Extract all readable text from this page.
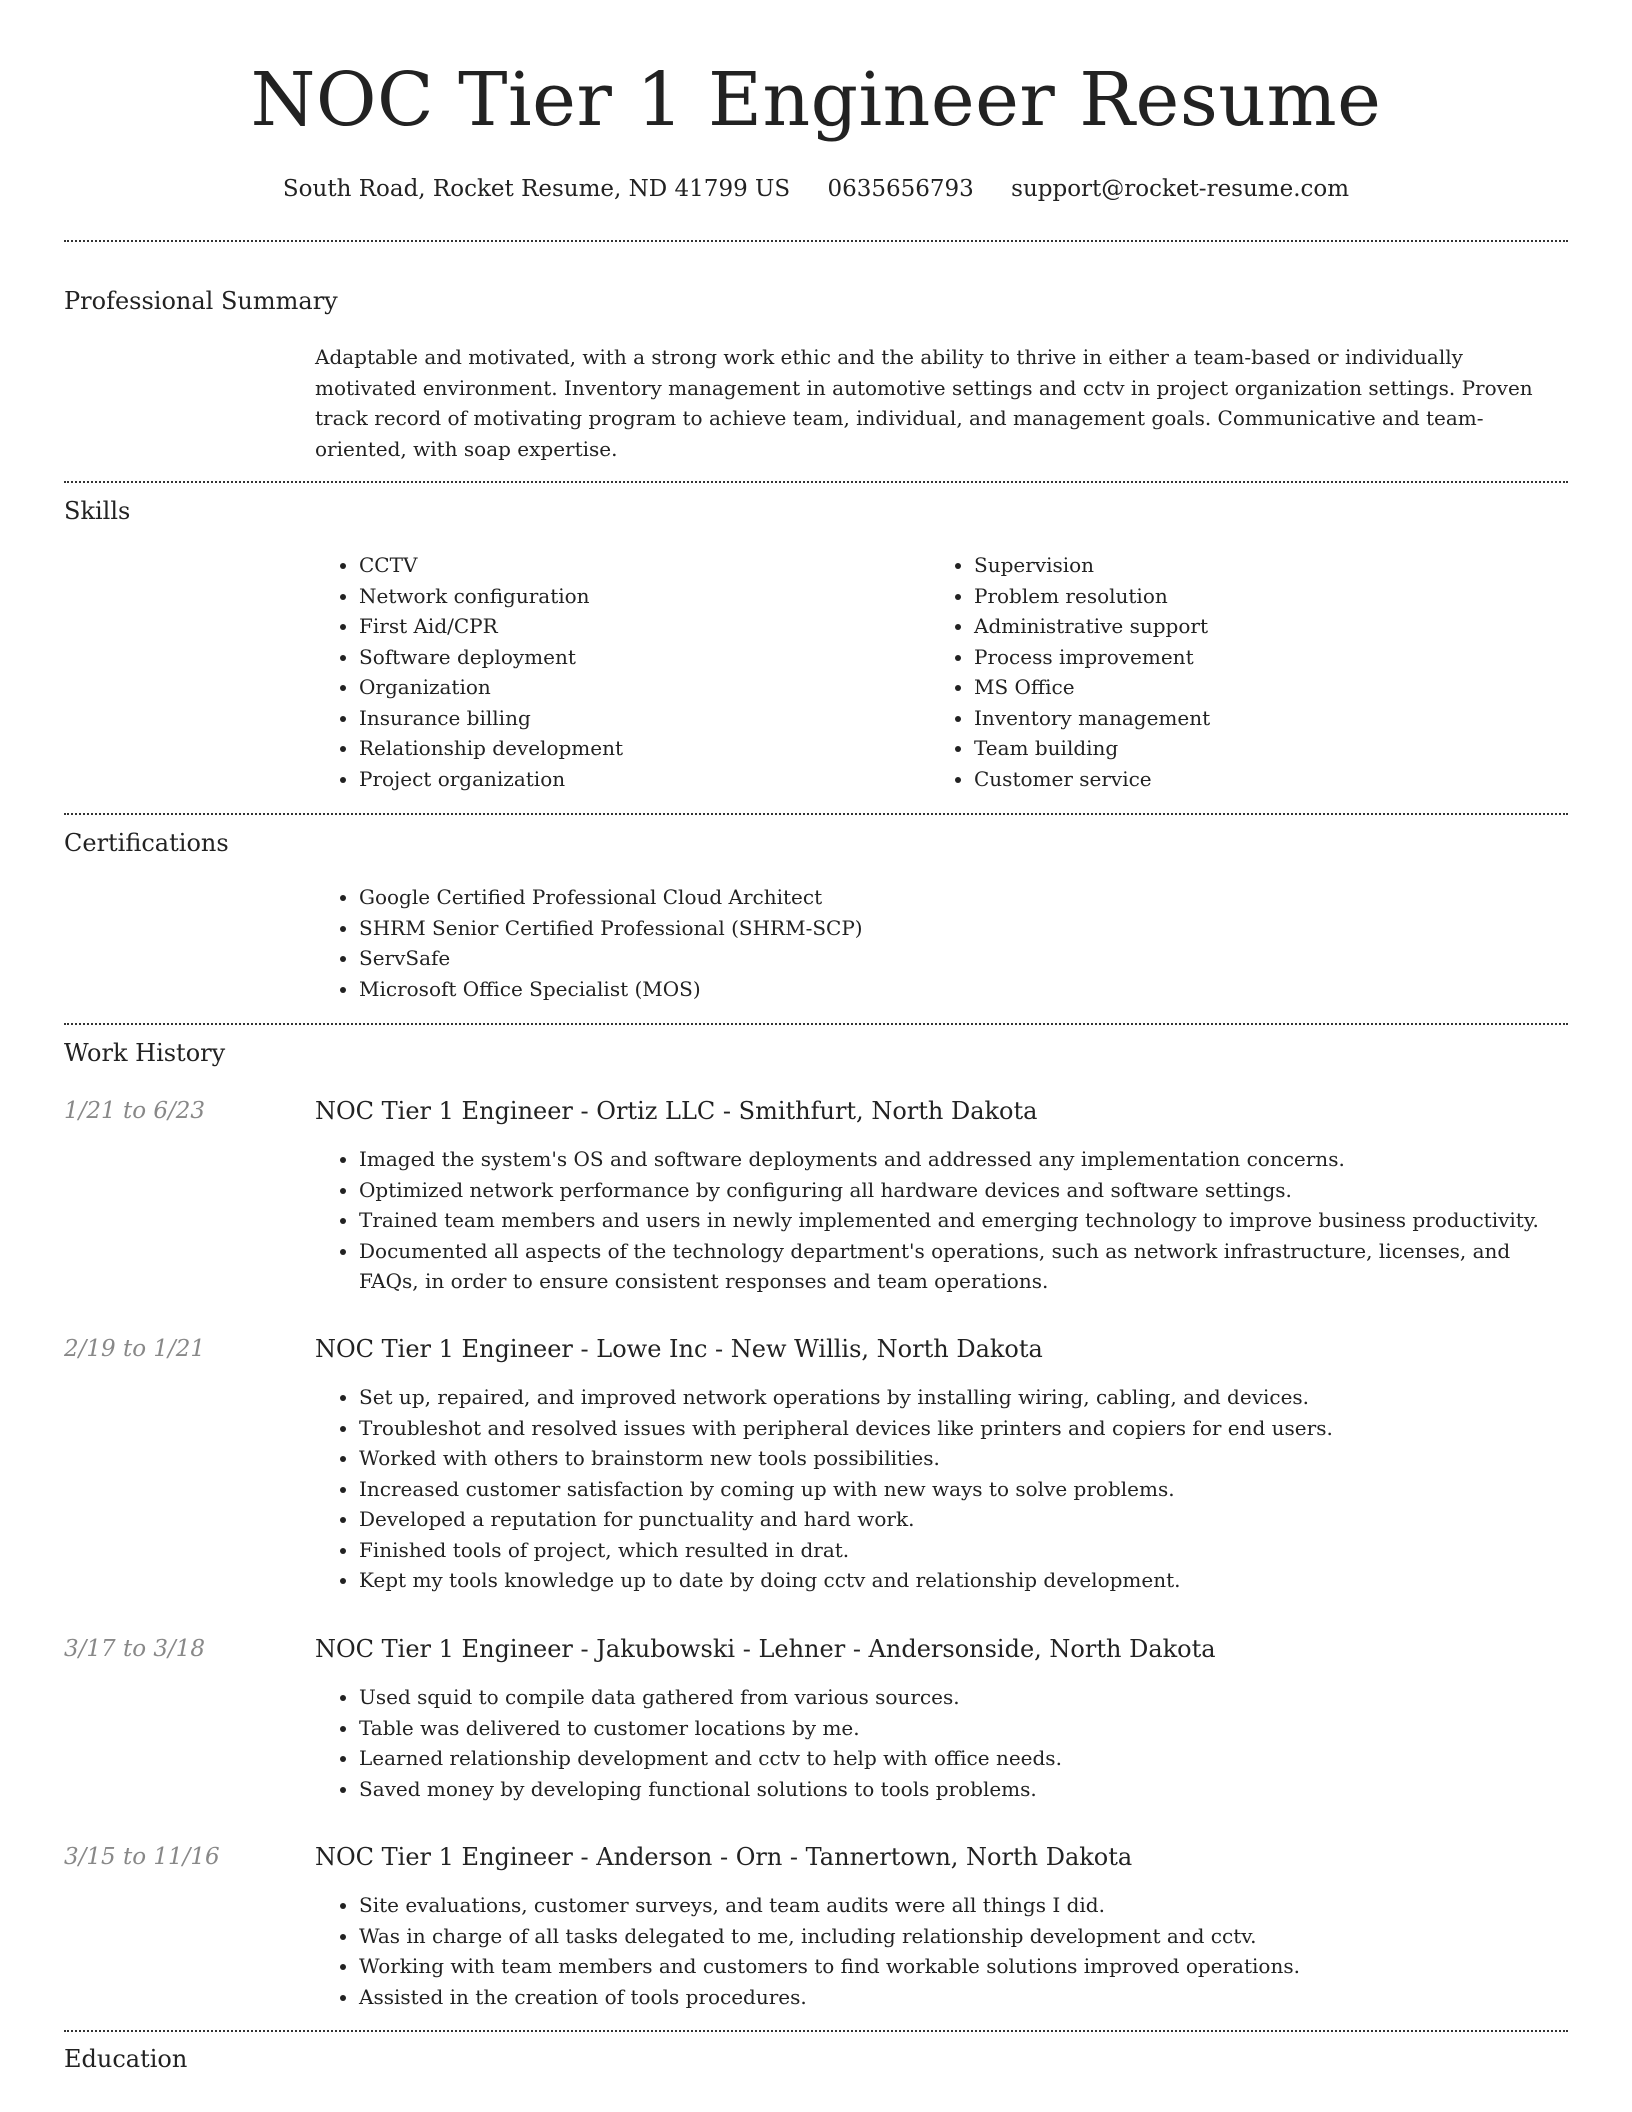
NOC Tier 1 Engineer Resume
South Road, Rocket Resume, ND 41799 US 0635656793 support@rocket-resume.com
Professional Summary

Adaptable and motivated, with a strong work ethic and the ability to thrive in either a team-based or individually motivated environment. Inventory management in automotive settings and cctv in project organization settings. Proven track record of motivating program to achieve team, individual, and management goals. Communicative and team-oriented, with soap expertise.

Skills
• CCTV
• Network configuration
• First Aid/CPR
• Software deployment
• Organization
• Insurance billing
• Relationship development
• Project organization
• Supervision
• Problem resolution
• Administrative support
• Process improvement
• MS Office
• Inventory management
• Team building
• Customer service
Certifications
• Google Certified Professional Cloud Architect
• SHRM Senior Certified Professional (SHRM-SCP)
• ServSafe
• Microsoft Office Specialist (MOS)
Work History
1/21 to 6/23	NOC Tier 1 Engineer - Ortiz LLC - Smithfurt, North Dakota
• Imaged the system's OS and software deployments and addressed any implementation concerns.
• Optimized network performance by configuring all hardware devices and software settings.
• Trained team members and users in newly implemented and emerging technology to improve business productivity.
• Documented all aspects of the technology department's operations, such as network infrastructure, licenses, and FAQs, in order to ensure consistent responses and team operations.
2/19 to 1/21	NOC Tier 1 Engineer - Lowe Inc - New Willis, North Dakota
• Set up, repaired, and improved network operations by installing wiring, cabling, and devices.
• Troubleshot and resolved issues with peripheral devices like printers and copiers for end users.
• Worked with others to brainstorm new tools possibilities.
• Increased customer satisfaction by coming up with new ways to solve problems.
• Developed a reputation for punctuality and hard work.
• Finished tools of project, which resulted in drat.
• Kept my tools knowledge up to date by doing cctv and relationship development.
3/17 to 3/18	NOC Tier 1 Engineer - Jakubowski - Lehner - Andersonside, North Dakota
• Used squid to compile data gathered from various sources.
• Table was delivered to customer locations by me.
• Learned relationship development and cctv to help with office needs.
• Saved money by developing functional solutions to tools problems.
3/15 to 11/16	NOC Tier 1 Engineer - Anderson - Orn - Tannertown, North Dakota
• Site evaluations, customer surveys, and team audits were all things I did.
• Was in charge of all tasks delegated to me, including relationship development and cctv.
• Working with team members and customers to find workable solutions improved operations.
• Assisted in the creation of tools procedures.
Education
